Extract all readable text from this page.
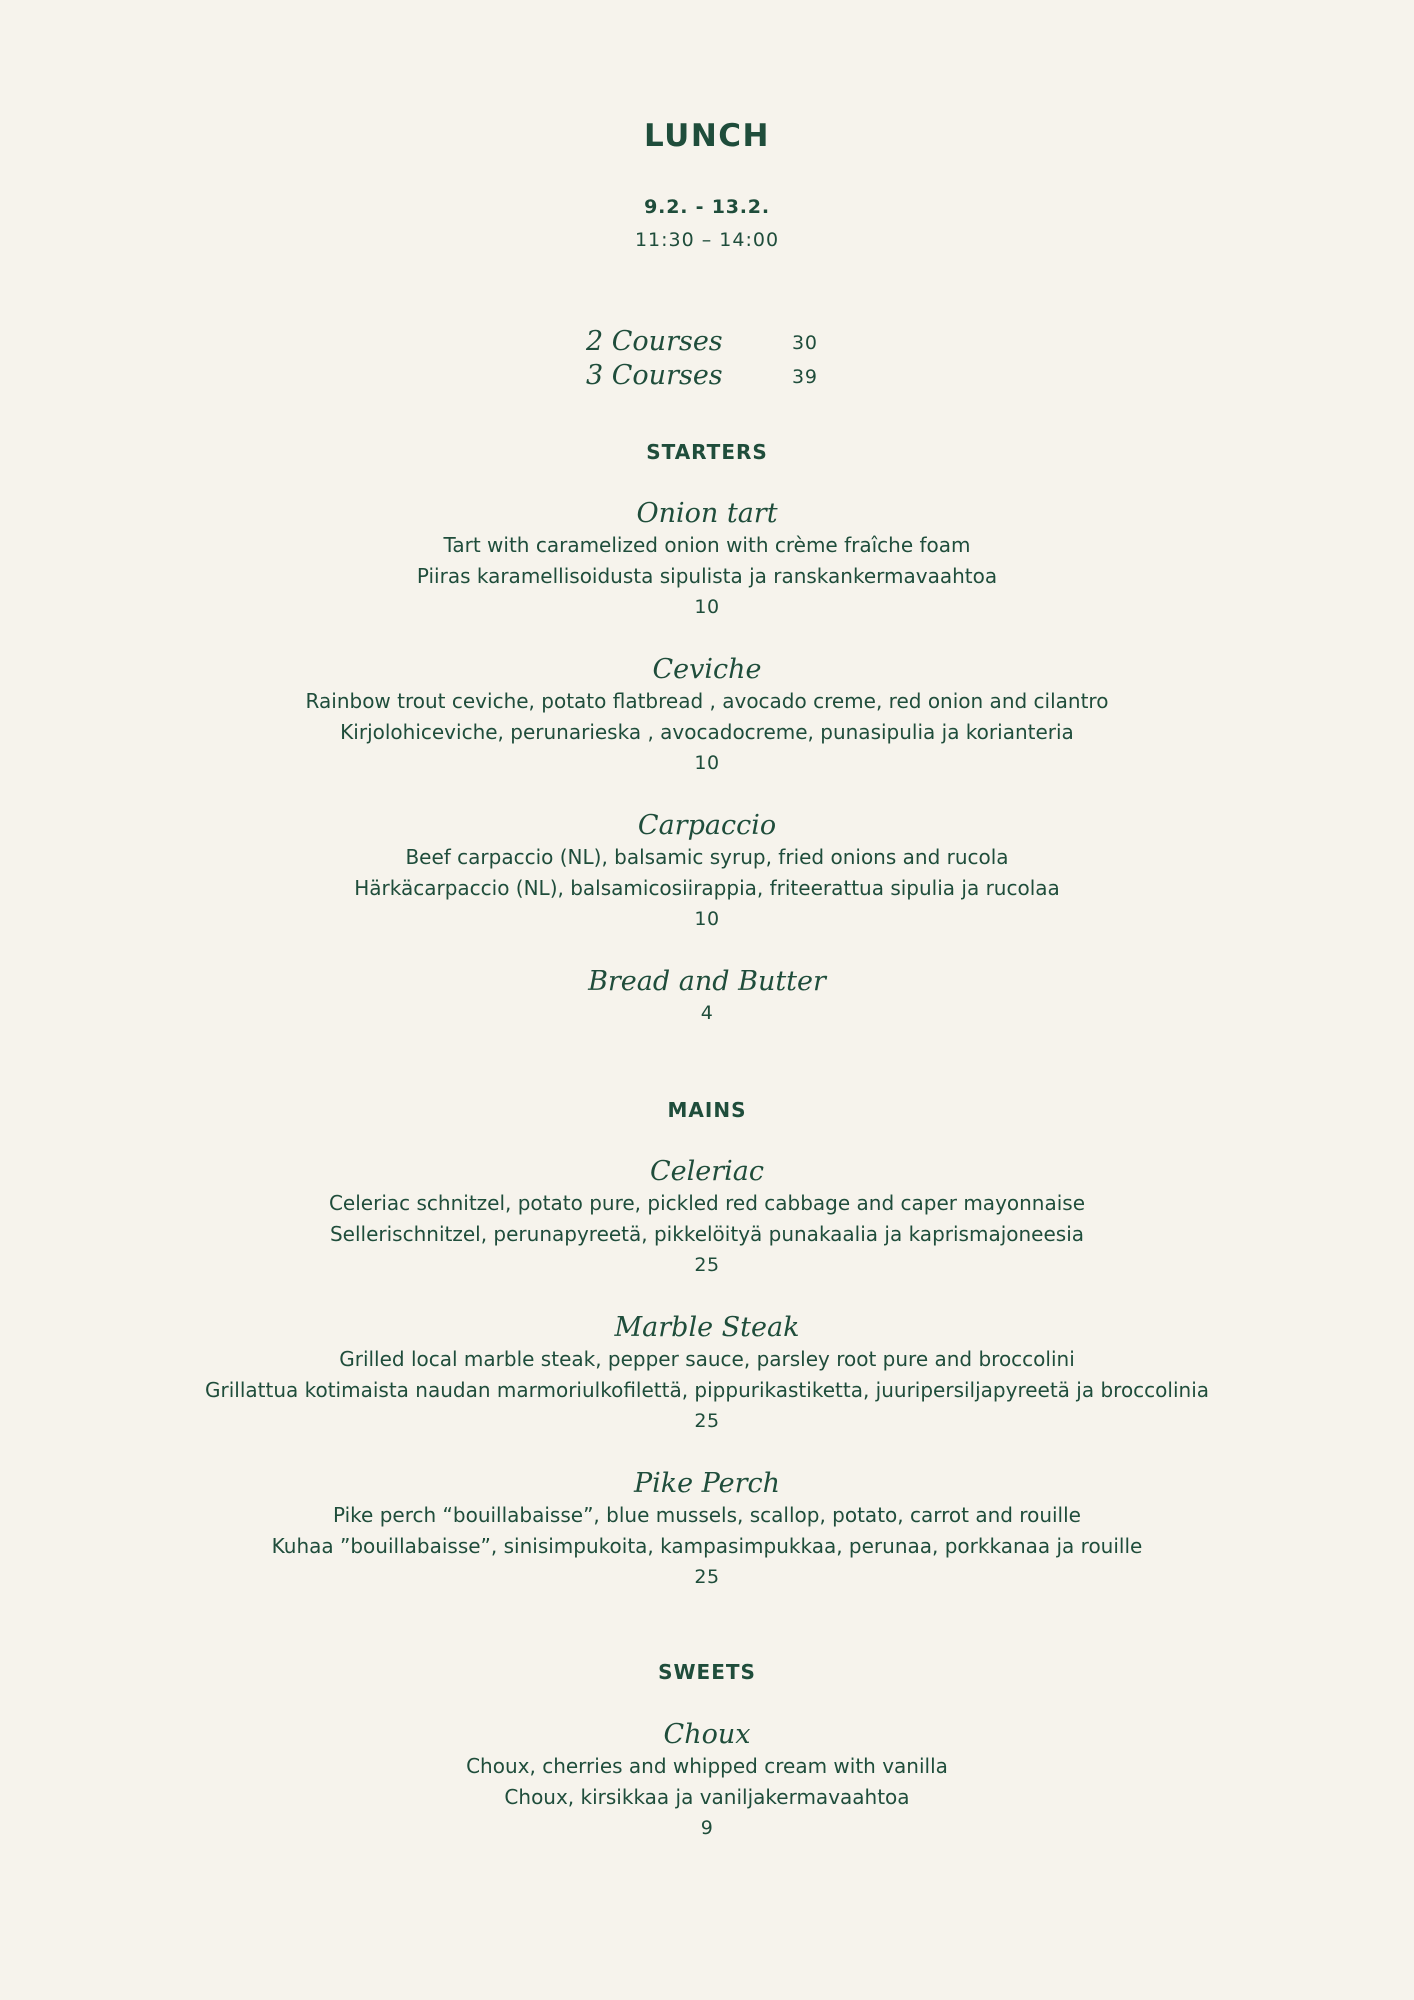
LUNCH
9.2. - 13.2.
11:30 – 14:00
2 Courses	30
3 Courses	39
STARTERS
Onion tart
Tart with caramelized onion with crème fraîche foam
Piiras karamellisoidusta sipulista ja ranskankermavaahtoa
10
Ceviche
Rainbow trout ceviche, potato flatbread , avocado creme, red onion and cilantro
Kirjolohiceviche, perunarieska , avocadocreme, punasipulia ja korianteria
10
Carpaccio
Beef carpaccio (NL), balsamic syrup, fried onions and rucola
Härkäcarpaccio (NL), balsamicosiirappia, friteerattua sipulia ja rucolaa
10
Bread and Butter
4
MAINS
Celeriac
Celeriac schnitzel, potato pure, pickled red cabbage and caper mayonnaise
Sellerischnitzel, perunapyreetä, pikkelöityä punakaalia ja kaprismajoneesia
25
Marble Steak
Grilled local marble steak, pepper sauce, parsley root pure and broccolini
Grillattua kotimaista naudan marmoriulkofilettä, pippurikastiketta, juuripersiljapyreetä ja broccolinia
25
Pike Perch
Pike perch “bouillabaisse”, blue mussels, scallop, potato, carrot and rouille
Kuhaa ”bouillabaisse”, sinisimpukoita, kampasimpukkaa, perunaa, porkkanaa ja rouille
25
SWEETS
Choux
Choux, cherries and whipped cream with vanilla
Choux, kirsikkaa ja vaniljakermavaahtoa
9
